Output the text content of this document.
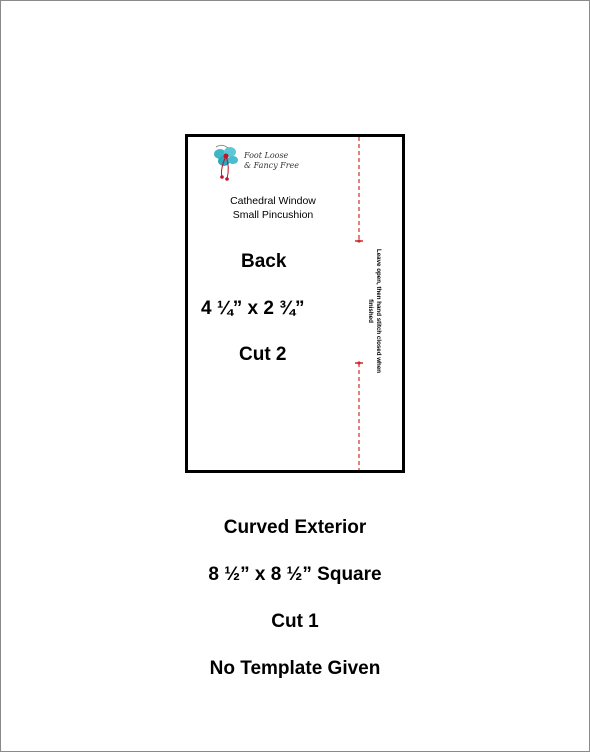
Foot Loose
& Fancy Free
Cathedral Window
Small Pincushion
Back
4 ¼” x 2 ¾”
Cut 2	Leave open, then hand stitch closed when finished
Curved Exterior
8 ½” x 8 ½” Square
Cut 1
No Template Given
